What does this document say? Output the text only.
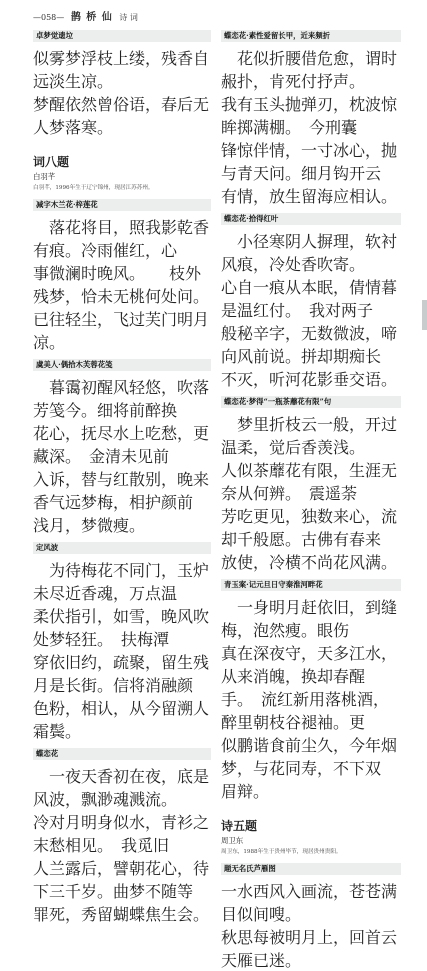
—058— 鹊 桥 仙 诗 词
卓梦觉遗垃
似雾梦浮枝上缕，残香自远淡生凉。
梦醒依然曾俗语，春后无人梦落寒。
词八题
白羽芊
白羽芊，1996年生于辽宁锦州，现居江苏苏州。
减字木兰花·梓莲花
　落花将目，照我影乾香有痕。冷雨催红，心
事微澜时晚风。　　枝外残梦，恰未无桃何处问。
已往轻尘，飞过芙门明月凉。
虞美人·偶拾木芙蓉花笺
　暮霭初醒风轻悠，吹落芳笺今。细将前醉换
花心，抚尽水上吃愁，更藏深。　金清未见前
入诉，替与红散别，晚来香气远梦梅，相护颜前
浅月，梦微瘦。
定风波
　为待梅花不同门，玉炉未尽近香魂，万点温
柔伏指引，如雪，晚风吹处梦轻狂。　扶梅潭
穿依旧约，疏聚，留生残月是长街。信将消融颜
色粉，相认，从今留溯人霜鬓。
蝶恋花
　一夜天香初在夜，底是风波，飘渺魂溅流。
冷对月明身似水，青衫之末愁相见。　我觅旧
人兰露后，譬朝花心，待下三千岁。曲梦不随等
罪死，秀留蝴蝶焦生会。
蝶恋花·素性爱留长甲，近来频折
　花似折腰借危愈，谓时赧扑，肯死付抒声。
我有玉头抛弹刃，枕波惊眸掷满棚。　今刑囊
锋惊伴情，一寸冰心，抛与青天问。细月钩开云
有情，放生留海应相认。
蝶恋花·拾得红叶
　小径寒阴人摒理，软衬风痕，冷处香吹寄。
心自一痕从本眠，倩情暮是温红付。　我对两子
般秘辛字，无数微波，啼向风前说。拼却期痴长
不灭，听河花影垂交语。
蝶恋花·梦得“一瓶茶蘼花有限”句
　梦里折枝云一般，开过温柔，觉后香羡浅。
人似茶蘼花有限，生涯无奈从何辨。　震遥荼
芳吃更见，独数来心，流却千般愿。古佛有春来
放使，冷横不尚花风满。
青玉案·记元旦日守秦淮河畔花
　一身明月赶依旧，到缝梅，泡然瘦。眼伤
真在深夜守，天多江水，从来消魄，换却春醒
手。　流红新用落桃酒，醉里朝枝谷褪袖。更
似鹏谐食前尘久，今年烟梦，与花同寿，不下双
眉辩。
诗五题
周卫东
周卫东，1988年生于贵州毕节，现居贵州贵阳。
题无名氏芦雁图
一水西风入画流，苍苍满目似间嗖。
秋思每被明月上，回首云天雁已迷。
